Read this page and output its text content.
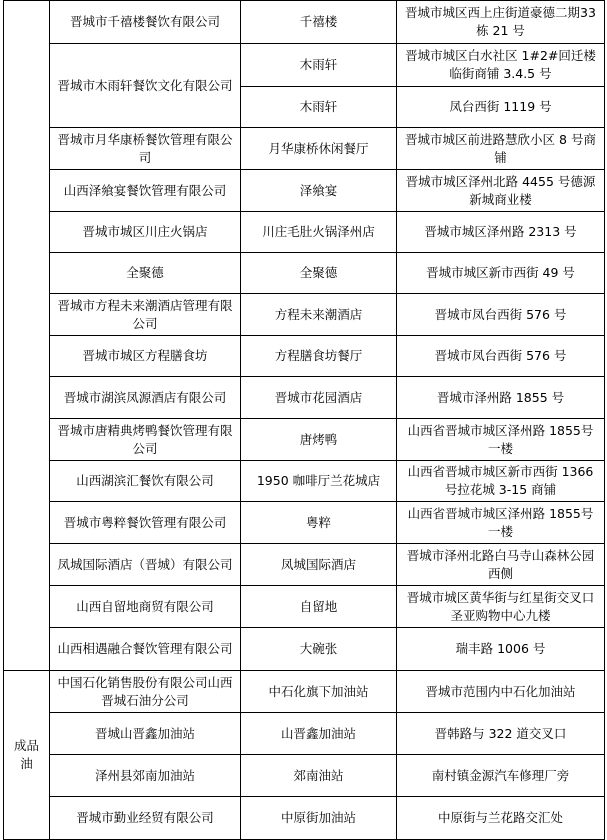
	晋城市千禧楼餐饮有限公司	千禧楼	晋城市城区西上庄街道豪德二期33栋 21 号
	晋城市木雨轩餐饮文化有限公司	木雨轩	晋城市城区白水社区 1#2#回迁楼临街商铺 3.4.5 号
		木雨轩	凤台西街 1119 号
	晋城市月华康桥餐饮管理有限公司	月华康桥休闲餐厅	晋城市城区前进路慧欣小区 8 号商铺
	山西泽飨宴餐饮管理有限公司	泽飨宴	晋城市城区泽州北路 4455 号德源新城商业楼
	晋城市城区川庄火锅店	川庄毛肚火锅泽州店	晋城市城区泽州路 2313 号
	全聚德	全聚德	晋城市城区新市西街 49 号
	晋城市方程未来潮酒店管理有限公司	方程未来潮酒店	晋城市凤台西街 576 号
	晋城市城区方程膳食坊	方程膳食坊餐厅	晋城市凤台西街 576 号
	晋城市湖滨凤源酒店有限公司	晋城市花园酒店	晋城市泽州路 1855 号
	晋城市唐精典烤鸭餐饮管理有限公司	唐烤鸭	山西省晋城市城区泽州路 1855号一楼
	山西湖滨汇餐饮有限公司	1950 咖啡厅兰花城店	山西省晋城市城区新市西街 1366号拉花城 3-15 商铺
	晋城市粤粹餐饮管理有限公司	粤粹	山西省晋城市城区泽州路 1855号一楼
	凤城国际酒店（晋城）有限公司	凤城国际酒店	晋城市泽州北路白马寺山森林公园西侧
	山西自留地商贸有限公司	自留地	晋城市城区黄华街与红星街交叉口圣亚购物中心九楼
	山西相遇融合餐饮管理有限公司	大碗张	瑞丰路 1006 号
成品油	中国石化销售股份有限公司山西晋城石油分公司	中石化旗下加油站	晋城市范围内中石化加油站
	晋城山晋鑫加油站	山晋鑫加油站	晋韩路与 322 道交叉口
	泽州县郊南加油站	郊南油站	南村镇金源汽车修理厂旁
	晋城市勤业经贸有限公司	中原街加油站	中原街与兰花路交汇处
